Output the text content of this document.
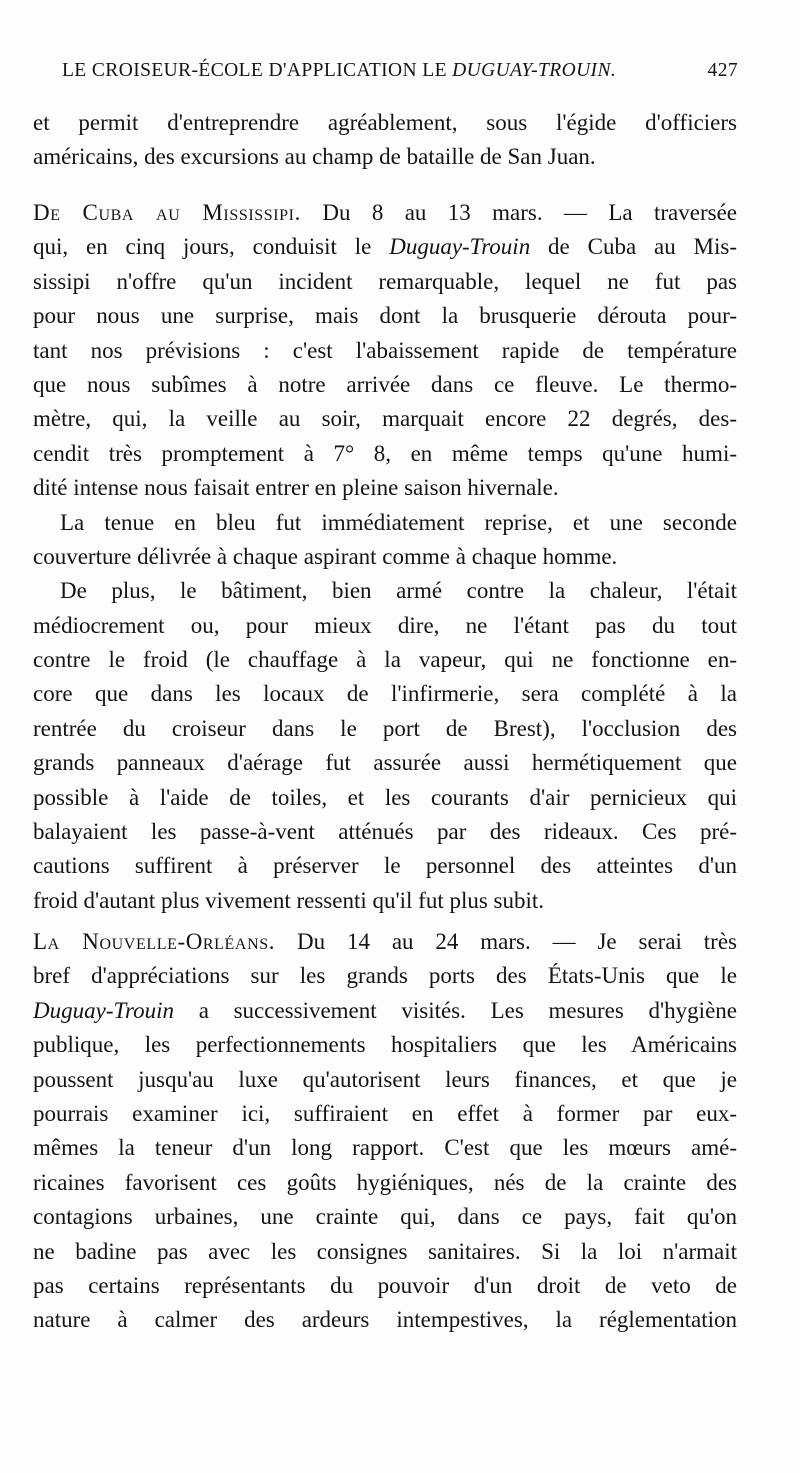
LE CROISEUR-ÉCOLE D'APPLICATION LE DUGUAY-TROUIN.	427
et permit d'entreprendre agréablement, sous l'égide d'officiers
américains, des excursions au champ de bataille de San Juan.
De Cuba au Mississipi. Du 8 au 13 mars. — La traversée
qui, en cinq jours, conduisit le Duguay-Trouin de Cuba au Mis-
sissipi n'offre qu'un incident remarquable, lequel ne fut pas
pour nous une surprise, mais dont la brusquerie dérouta pour-
tant nos prévisions : c'est l'abaissement rapide de température
que nous subîmes à notre arrivée dans ce fleuve. Le thermo-
mètre, qui, la veille au soir, marquait encore 22 degrés, des-
cendit très promptement à 7° 8, en même temps qu'une humi-
dité intense nous faisait entrer en pleine saison hivernale.
La tenue en bleu fut immédiatement reprise, et une seconde
couverture délivrée à chaque aspirant comme à chaque homme.
De plus, le bâtiment, bien armé contre la chaleur, l'était
médiocrement ou, pour mieux dire, ne l'étant pas du tout
contre le froid (le chauffage à la vapeur, qui ne fonctionne en-
core que dans les locaux de l'infirmerie, sera complété à la
rentrée du croiseur dans le port de Brest), l'occlusion des
grands panneaux d'aérage fut assurée aussi hermétiquement que
possible à l'aide de toiles, et les courants d'air pernicieux qui
balayaient les passe-à-vent atténués par des rideaux. Ces pré-
cautions suffirent à préserver le personnel des atteintes d'un
froid d'autant plus vivement ressenti qu'il fut plus subit.
La Nouvelle-Orléans. Du 14 au 24 mars. — Je serai très
bref d'appréciations sur les grands ports des États-Unis que le
Duguay-Trouin a successivement visités. Les mesures d'hygiène
publique, les perfectionnements hospitaliers que les Américains
poussent jusqu'au luxe qu'autorisent leurs finances, et que je
pourrais examiner ici, suffiraient en effet à former par eux-
mêmes la teneur d'un long rapport. C'est que les mœurs amé-
ricaines favorisent ces goûts hygiéniques, nés de la crainte des
contagions urbaines, une crainte qui, dans ce pays, fait qu'on
ne badine pas avec les consignes sanitaires. Si la loi n'armait
pas certains représentants du pouvoir d'un droit de veto de
nature à calmer des ardeurs intempestives, la réglementation
